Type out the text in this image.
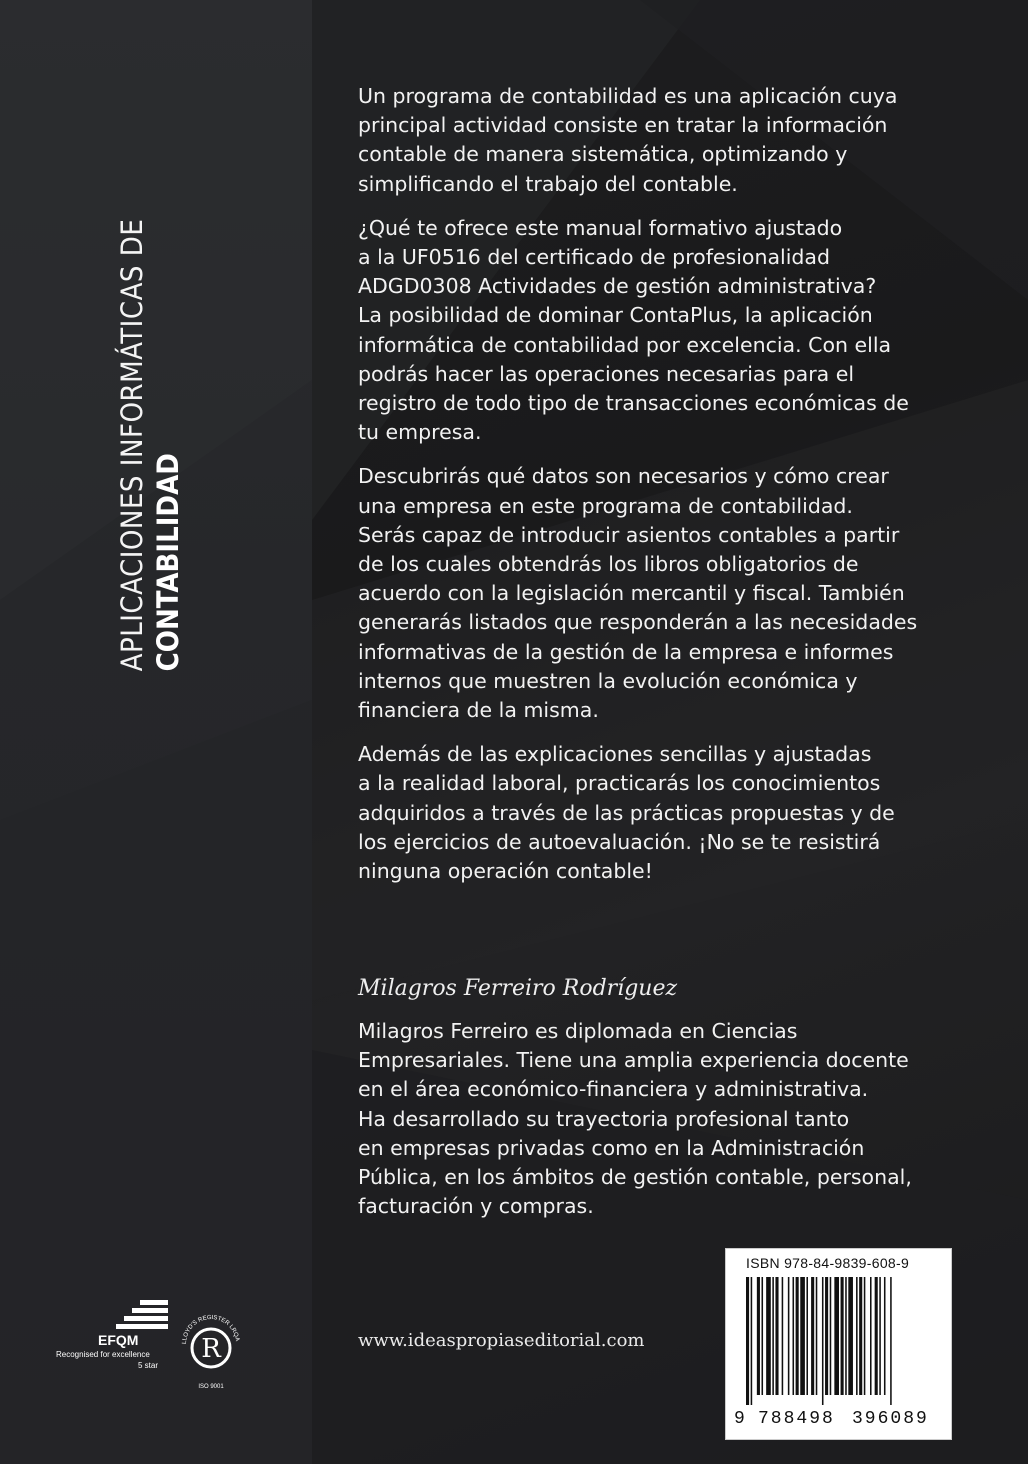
APLICACIONES INFORMÁTICAS DE CONTABILIDAD

Un programa de contabilidad es una aplicación cuya
principal actividad consiste en tratar la información
contable de manera sistemática, optimizando y
simplificando el trabajo del contable.

¿Qué te ofrece este manual formativo ajustado
a la UF0516 del certificado de profesionalidad
ADGD0308 Actividades de gestión administrativa?
La posibilidad de dominar ContaPlus, la aplicación
informática de contabilidad por excelencia. Con ella
podrás hacer las operaciones necesarias para el
registro de todo tipo de transacciones económicas de
tu empresa.

Descubrirás qué datos son necesarios y cómo crear
una empresa en este programa de contabilidad.
Serás capaz de introducir asientos contables a partir
de los cuales obtendrás los libros obligatorios de
acuerdo con la legislación mercantil y fiscal. También
generarás listados que responderán a las necesidades
informativas de la gestión de la empresa e informes
internos que muestren la evolución económica y
financiera de la misma.

Además de las explicaciones sencillas y ajustadas
a la realidad laboral, practicarás los conocimientos
adquiridos a través de las prácticas propuestas y de
los ejercicios de autoevaluación. ¡No se te resistirá
ninguna operación contable!

Milagros Ferreiro Rodríguez
Milagros Ferreiro es diplomada en Ciencias
Empresariales. Tiene una amplia experiencia docente
en el área económico-financiera y administrativa.
Ha desarrollado su trayectoria profesional tanto
en empresas privadas como en la Administración
Pública, en los ámbitos de gestión contable, personal,
facturación y compras.
www.ideaspropiaseditorial.com
ISBN 978-84-9839-608-9
9 788498 396089
EFQM
Recognised for excellence
5 star
LLOYD'S REGISTER LRQA
R
ISO 9001
